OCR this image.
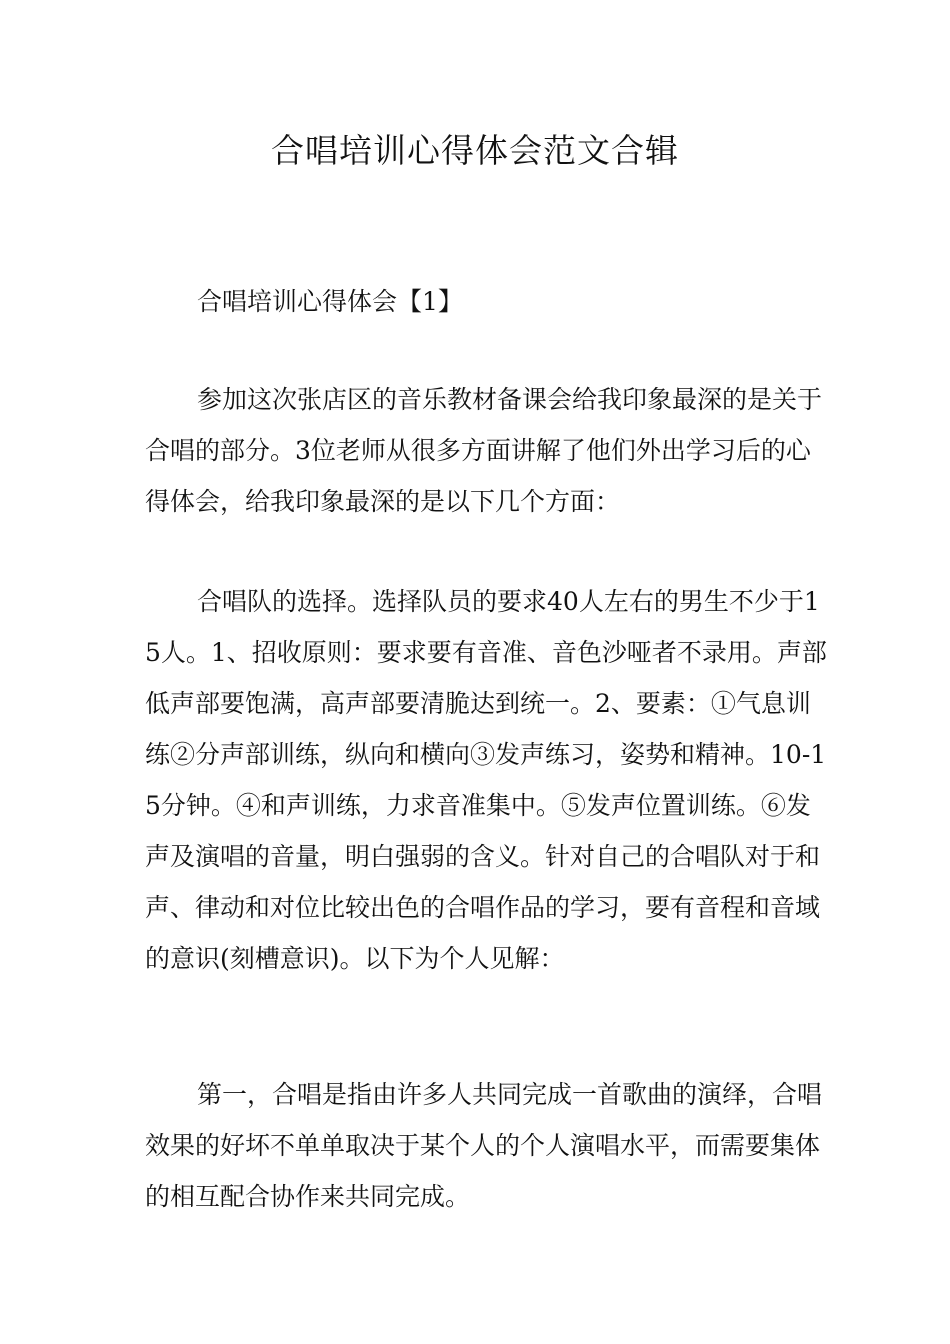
合唱培训心得体会范文合辑

合唱培训心得体会【1】

参加这次张店区的音乐教材备课会给我印象最深的是关于合唱的部分。3位老师从很多方面讲解了他们外出学习后的心得体会，给我印象最深的是以下几个方面：

合唱队的选择。选择队员的要求40人左右的男生不少于15人。1、招收原则：要求要有音准、音色沙哑者不录用。声部低声部要饱满，高声部要清脆达到统一。2、要素：①气息训练②分声部训练，纵向和横向③发声练习，姿势和精神。10-15分钟。④和声训练，力求音准集中。⑤发声位置训练。⑥发声及演唱的音量，明白强弱的含义。针对自己的合唱队对于和声、律动和对位比较出色的合唱作品的学习，要有音程和音域的意识(刻槽意识)。以下为个人见解：

第一，合唱是指由许多人共同完成一首歌曲的演绎，合唱效果的好坏不单单取决于某个人的个人演唱水平，而需要集体的相互配合协作来共同完成。
